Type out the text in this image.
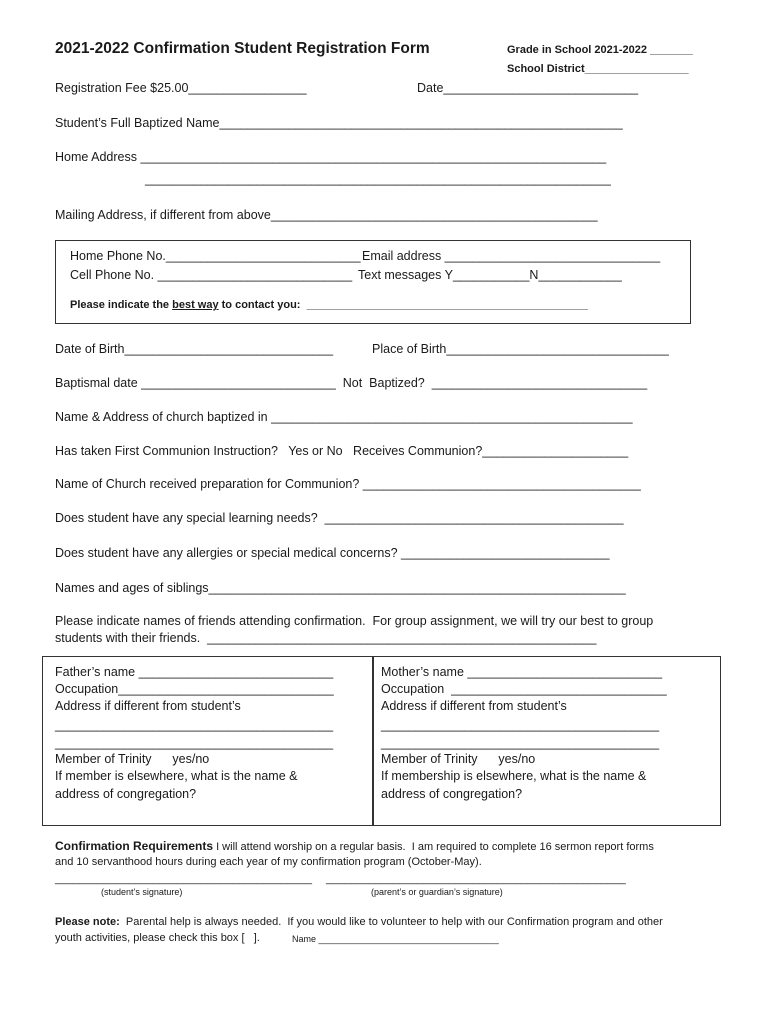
2021-2022 Confirmation Student Registration Form	Grade in School 2021-2022 _______
School District_________________
Registration Fee $25.00_________________	Date____________________________
Student’s Full Baptized Name__________________________________________________________
Home Address ___________________________________________________________________
___________________________________________________________________
Mailing Address, if different from above_______________________________________________
Home Phone No.____________________________ Email address _______________________________
Cell Phone No. ____________________________ Text messages Y___________N____________
Please indicate the best way to contact you:  ______________________________________________
Date of Birth______________________________	Place of Birth________________________________
Baptismal date ____________________________  Not  Baptized?  _______________________________
Name & Address of church baptized in ____________________________________________________
Has taken First Communion Instruction?   Yes or No   Receives Communion?_____________________
Name of Church received preparation for Communion? ________________________________________
Does student have any special learning needs?  ___________________________________________
Does student have any allergies or special medical concerns? ______________________________
Names and ages of siblings____________________________________________________________
Please indicate names of friends attending confirmation.  For group assignment, we will try our best to group
students with their friends.  ________________________________________________________
Father’s name ____________________________
Occupation_______________________________
Address if different from student’s
________________________________________
________________________________________
Member of Trinity      yes/no
If member is elsewhere, what is the name &
address of congregation?
Mother’s name ____________________________
Occupation  _______________________________
Address if different from student’s
________________________________________
________________________________________
Member of Trinity      yes/no
If membership is elsewhere, what is the name &
address of congregation?
Confirmation Requirements I will attend worship on a regular basis.  I am required to complete 16 sermon report forms
and 10 servanthood hours during each year of my confirmation program (October-May).
__________________________________________ _________________________________________________
(student’s signature)	(parent’s or guardian’s signature)
Please note:  Parental help is always needed.  If you would like to volunteer to help with our Confirmation program and other
youth activities, please check this box [   ].	Name ____________________________________
